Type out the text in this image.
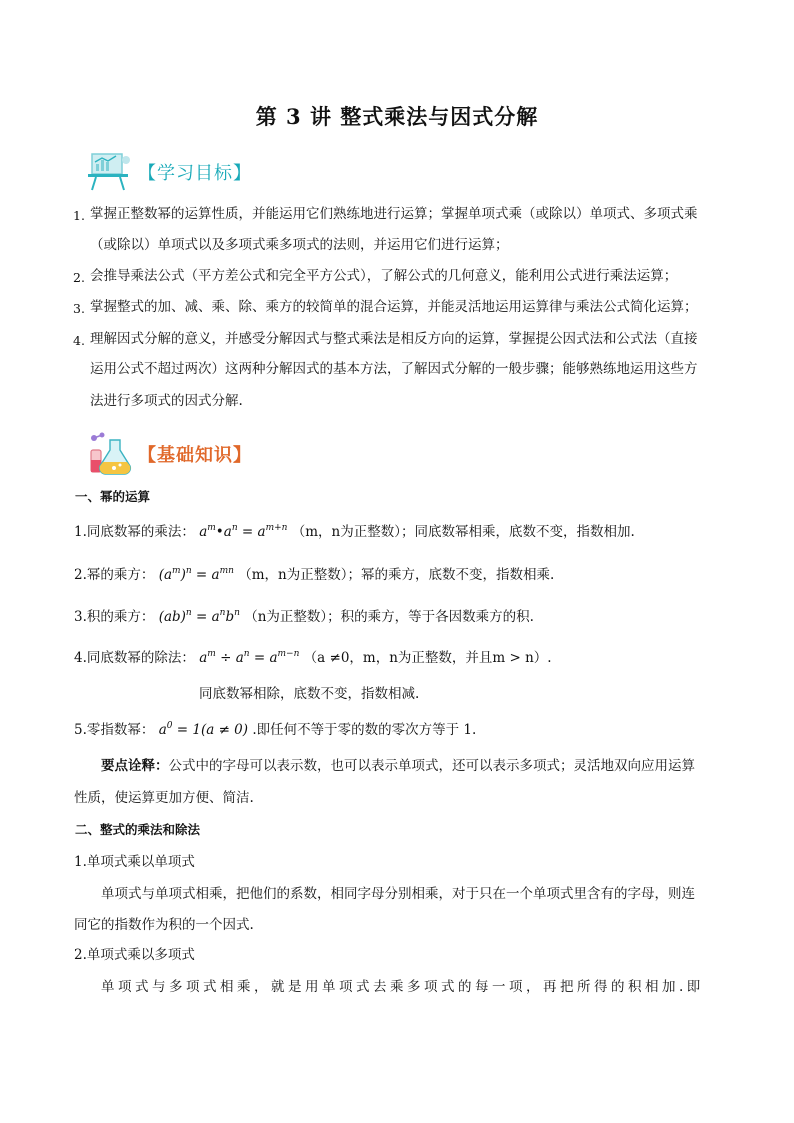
第 3 讲 整式乘法与因式分解
【学习目标】
1. 掌握正整数幂的运算性质，并能运用它们熟练地进行运算；掌握单项式乘（或除以）单项式、多项式乘
（或除以）单项式以及多项式乘多项式的法则，并运用它们进行运算；
2. 会推导乘法公式（平方差公式和完全平方公式），了解公式的几何意义，能利用公式进行乘法运算；
3. 掌握整式的加、减、乘、除、乘方的较简单的混合运算，并能灵活地运用运算律与乘法公式简化运算；
4. 理解因式分解的意义，并感受分解因式与整式乘法是相反方向的运算，掌握提公因式法和公式法（直接
运用公式不超过两次）这两种分解因式的基本方法，了解因式分解的一般步骤；能够熟练地运用这些方
法进行多项式的因式分解.
【基础知识】
一、幂的运算
1.同底数幂的乘法： $a^m•a^n = a^{m+n}$ （m，n为正整数）；同底数幂相乘，底数不变，指数相加.
2.幂的乘方： $(a^m)^n = a^{mn}$ （m，n为正整数）；幂的乘方，底数不变，指数相乘.
3.积的乘方： $(ab)^n = a^nb^n$ （n为正整数）；积的乘方，等于各因数乘方的积.
4.同底数幂的除法： $a^m \div a^n = a^{m-n}$ （a ≠0，m，n为正整数，并且m > n）.
同底数幂相除，底数不变，指数相减.
5.零指数幂： $a^0 = 1(a \ne 0)$ .即任何不等于零的数的零次方等于 1.
要点诠释：公式中的字母可以表示数，也可以表示单项式，还可以表示多项式；灵活地双向应用运算
性质，使运算更加方便、简洁.
二、整式的乘法和除法
1.单项式乘以单项式
单项式与单项式相乘，把他们的系数，相同字母分别相乘，对于只在一个单项式里含有的字母，则连
同它的指数作为积的一个因式.
2.单项式乘以多项式
单项式与多项式相乘，就是用单项式去乘多项式的每一项，再把所得的积相加.即
